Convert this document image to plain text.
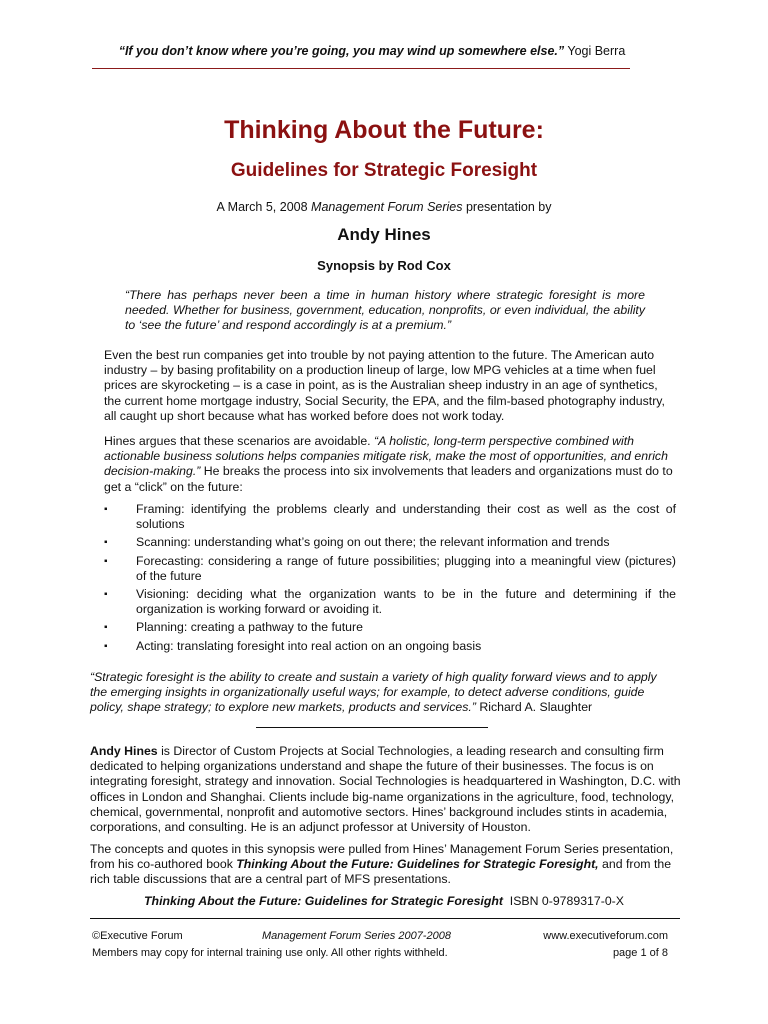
“If you don’t know where you’re going, you may wind up somewhere else.” Yogi Berra
Thinking About the Future:
Guidelines for Strategic Foresight
A March 5, 2008 Management Forum Series presentation by
Andy Hines
Synopsis by Rod Cox

“There has perhaps never been a time in human history where strategic foresight is more needed. Whether for business, government, education, nonprofits, or even individual, the ability to ‘see the future’ and respond accordingly is at a premium.”

Even the best run companies get into trouble by not paying attention to the future. The American auto industry – by basing profitability on a production lineup of large, low MPG vehicles at a time when fuel prices are skyrocketing – is a case in point, as is the Australian sheep industry in an age of synthetics, the current home mortgage industry, Social Security, the EPA, and the film-based photography industry, all caught up short because what has worked before does not work today.

Hines argues that these scenarios are avoidable. “A holistic, long-term perspective combined with actionable business solutions helps companies mitigate risk, make the most of opportunities, and enrich decision-making.” He breaks the process into six involvements that leaders and organizations must do to get a “click” on the future:

▪ Framing: identifying the problems clearly and understanding their cost as well as the cost of solutions
▪ Scanning: understanding what’s going on out there; the relevant information and trends
▪ Forecasting: considering a range of future possibilities; plugging into a meaningful view (pictures) of the future
▪ Visioning: deciding what the organization wants to be in the future and determining if the organization is working forward or avoiding it.
▪ Planning: creating a pathway to the future
▪ Acting: translating foresight into real action on an ongoing basis

“Strategic foresight is the ability to create and sustain a variety of high quality forward views and to apply the emerging insights in organizationally useful ways; for example, to detect adverse conditions, guide policy, shape strategy; to explore new markets, products and services.” Richard A. Slaughter

Andy Hines is Director of Custom Projects at Social Technologies, a leading research and consulting firm dedicated to helping organizations understand and shape the future of their businesses. The focus is on integrating foresight, strategy and innovation. Social Technologies is headquartered in Washington, D.C. with offices in London and Shanghai. Clients include big-name organizations in the agriculture, food, technology, chemical, governmental, nonprofit and automotive sectors. Hines’ background includes stints in academia, corporations, and consulting. He is an adjunct professor at University of Houston.

The concepts and quotes in this synopsis were pulled from Hines’ Management Forum Series presentation, from his co-authored book Thinking About the Future: Guidelines for Strategic Foresight, and from the rich table discussions that are a central part of MFS presentations.

Thinking About the Future: Guidelines for Strategic Foresight ISBN 0-9789317-0-X
©Executive Forum	Management Forum Series 2007-2008	www.executiveforum.com
Members may copy for internal training use only. All other rights withheld.	page 1 of 8
